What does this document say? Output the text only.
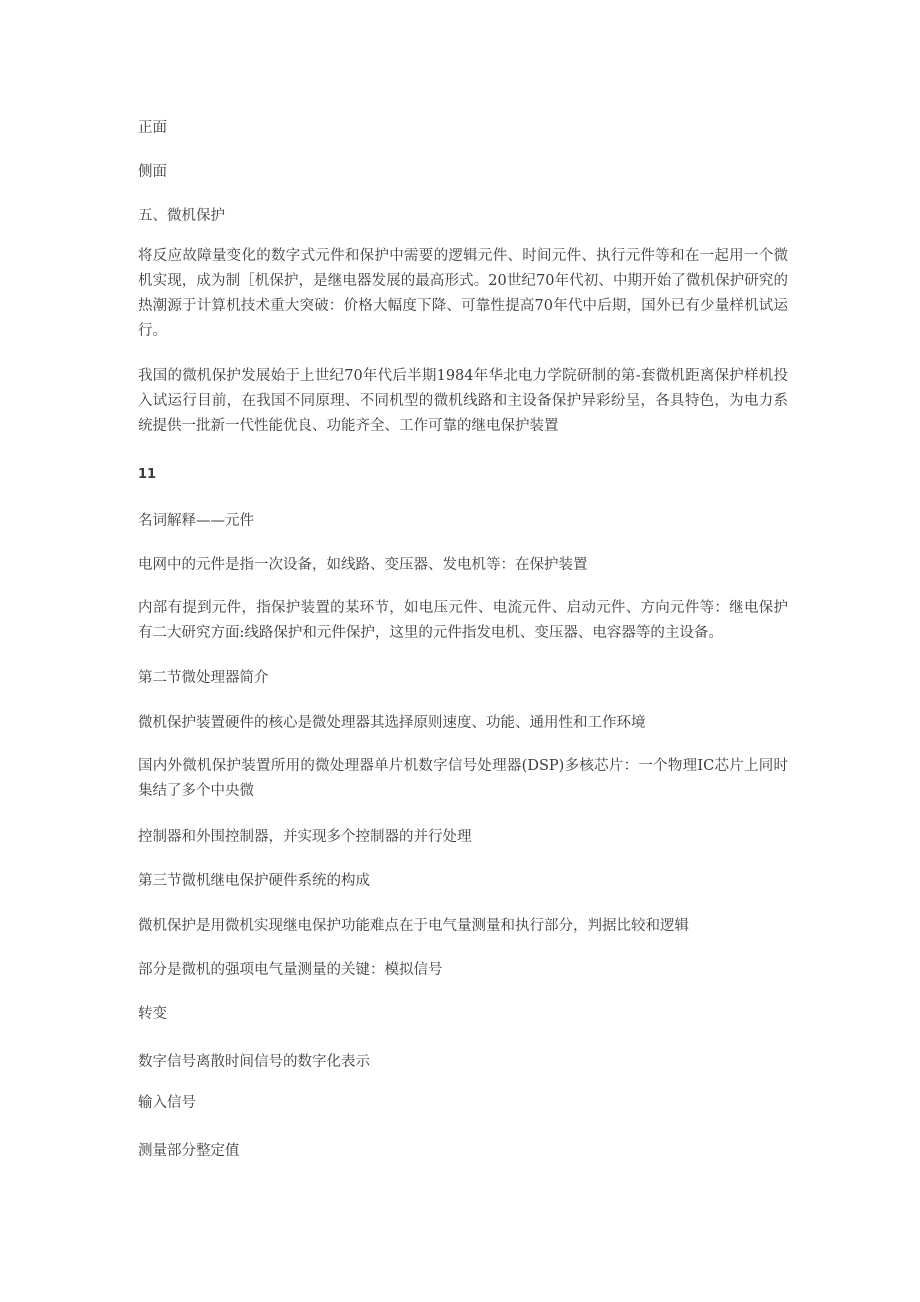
正面
侧面
五、微机保护
将反应故障量变化的数字式元件和保护中需要的逻辑元件、时间元件、执行元件等和在一起用一个微机实现，成为制［机保护，是继电器发展的最高形式。20世纪70年代初、中期开始了微机保护研究的热潮源于计算机技术重大突破：价格大幅度下降、可靠性提高70年代中后期，国外已有少量样机试运行。
我国的微机保护发展始于上世纪70年代后半期1984年华北电力学院研制的第-套微机距离保护样机投入试运行目前，在我国不同原理、不同机型的微机线路和主设备保护异彩纷呈，各具特色，为电力系统提供一批新一代性能优良、功能齐全、工作可靠的继电保护装置
11
名词解释——元件
电网中的元件是指一次设备，如线路、变压器、发电机等：在保护装置
内部有提到元件，指保护装置的某环节，如电压元件、电流元件、启动元件、方向元件等：继电保护有二大研究方面:线路保护和元件保护，这里的元件指发电机、变压器、电容器等的主设备。
第二节微处理器简介
微机保护装置硬件的核心是微处理器其选择原则速度、功能、通用性和工作环境
国内外微机保护装置所用的微处理器单片机数字信号处理器(DSP)多核芯片：一个物理IC芯片上同时集结了多个中央微
控制器和外围控制器，并实现多个控制器的并行处理
第三节微机继电保护硬件系统的构成
微机保护是用微机实现继电保护功能难点在于电气量测量和执行部分，判据比较和逻辑
部分是微机的强项电气量测量的关键：模拟信号
转变
数字信号离散时间信号的数字化表示
输入信号
测量部分整定值
